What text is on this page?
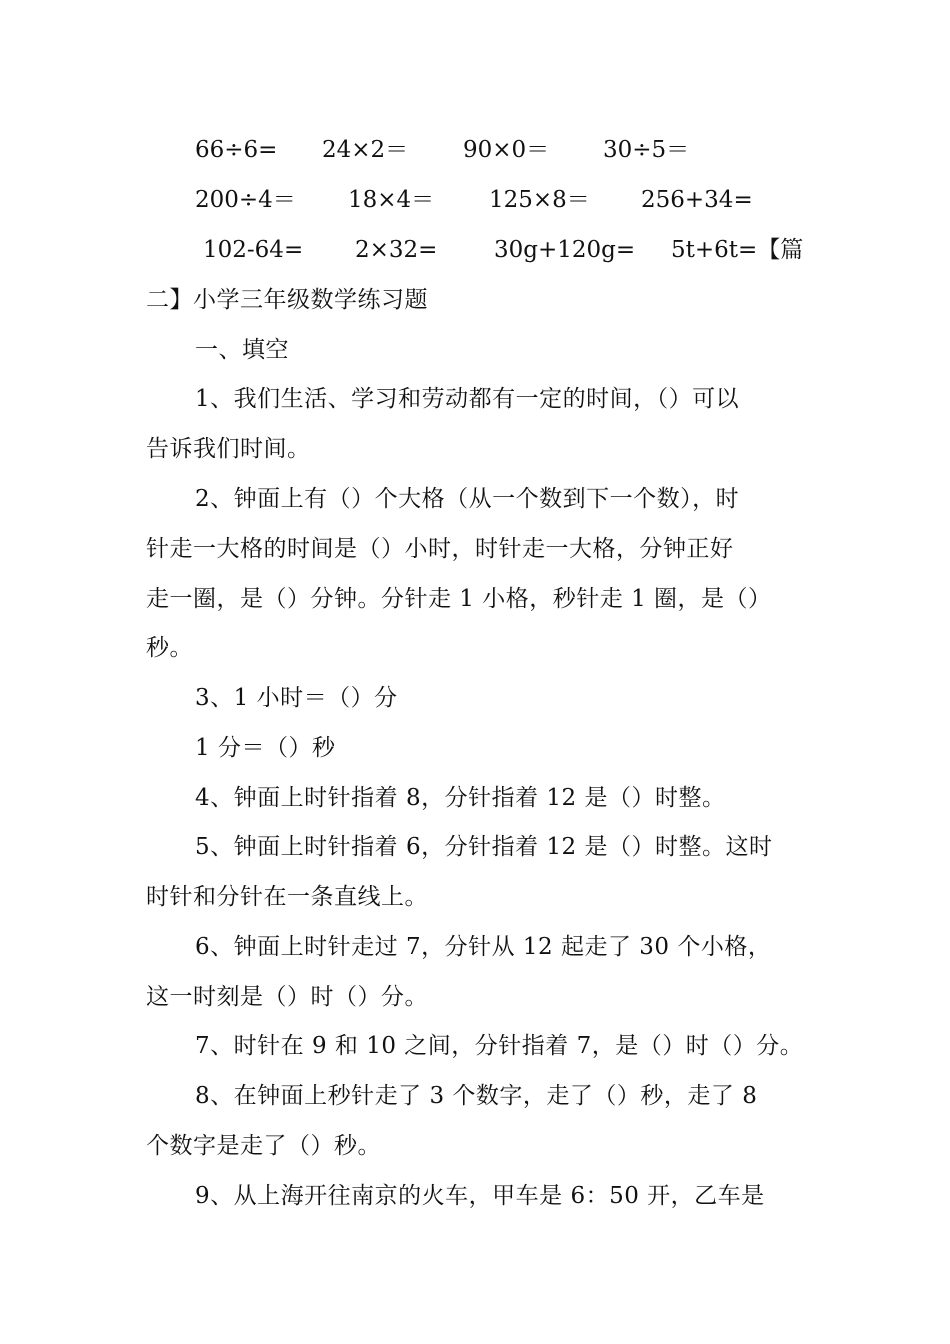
66÷6= 24×2＝ 90×0＝ 30÷5＝
200÷4＝ 18×4＝ 125×8＝ 256+34=
102-64= 2×32= 30g+120g= 5t+6t=【篇
二】小学三年级数学练习题
一、填空
1、我们生活、学习和劳动都有一定的时间，（）可以
告诉我们时间。
2、钟面上有（）个大格（从一个数到下一个数），时
针走一大格的时间是（）小时，时针走一大格，分钟正好
走一圈，是（）分钟。分针走 1 小格，秒针走 1 圈，是（）
秒。
3、1 小时＝（）分
1 分＝（）秒
4、钟面上时针指着 8，分针指着 12 是（）时整。
5、钟面上时针指着 6，分针指着 12 是（）时整。这时
时针和分针在一条直线上。
6、钟面上时针走过 7，分针从 12 起走了 30 个小格，
这一时刻是（）时（）分。
7、时针在 9 和 10 之间，分针指着 7，是（）时（）分。
8、在钟面上秒针走了 3 个数字，走了（）秒，走了 8
个数字是走了（）秒。
9、从上海开往南京的火车，甲车是 6：50 开，乙车是
